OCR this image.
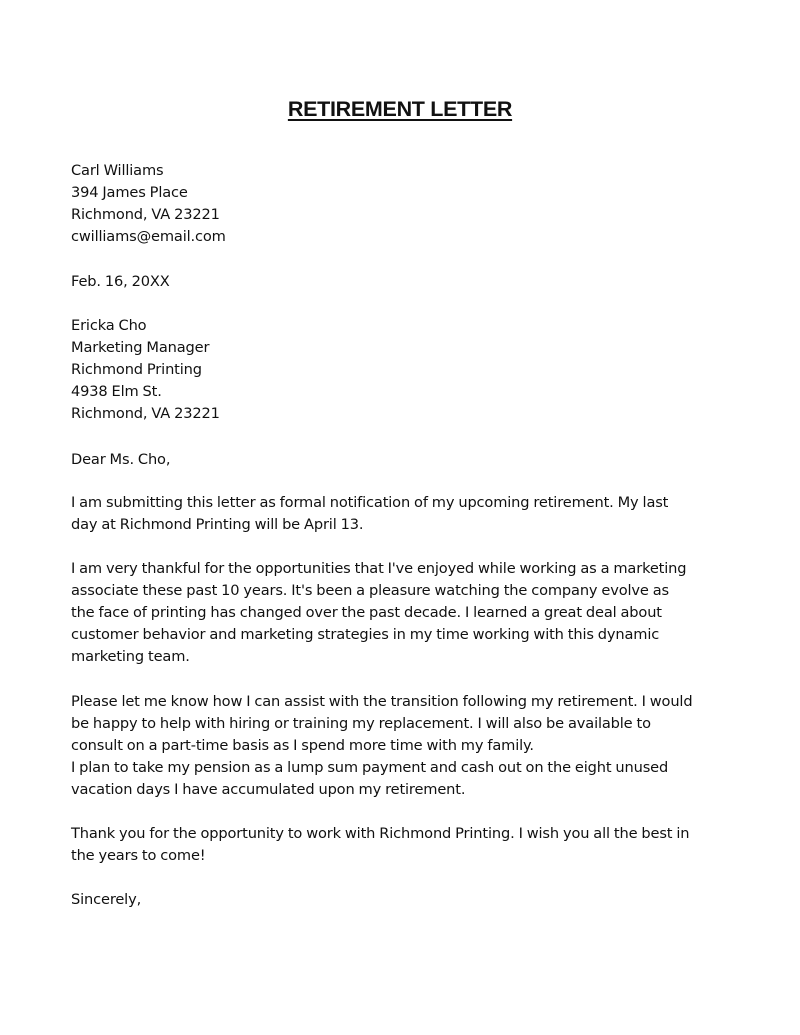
RETIREMENT LETTER
Carl Williams
394 James Place
Richmond, VA 23221
cwilliams@email.com
Feb. 16, 20XX
Ericka Cho
Marketing Manager
Richmond Printing
4938 Elm St.
Richmond, VA 23221
Dear Ms. Cho,
I am submitting this letter as formal notification of my upcoming retirement. My last
day at Richmond Printing will be April 13.
I am very thankful for the opportunities that I've enjoyed while working as a marketing
associate these past 10 years. It's been a pleasure watching the company evolve as
the face of printing has changed over the past decade. I learned a great deal about
customer behavior and marketing strategies in my time working with this dynamic
marketing team.
Please let me know how I can assist with the transition following my retirement. I would
be happy to help with hiring or training my replacement. I will also be available to
consult on a part-time basis as I spend more time with my family.
I plan to take my pension as a lump sum payment and cash out on the eight unused
vacation days I have accumulated upon my retirement.
Thank you for the opportunity to work with Richmond Printing. I wish you all the best in
the years to come!
Sincerely,
